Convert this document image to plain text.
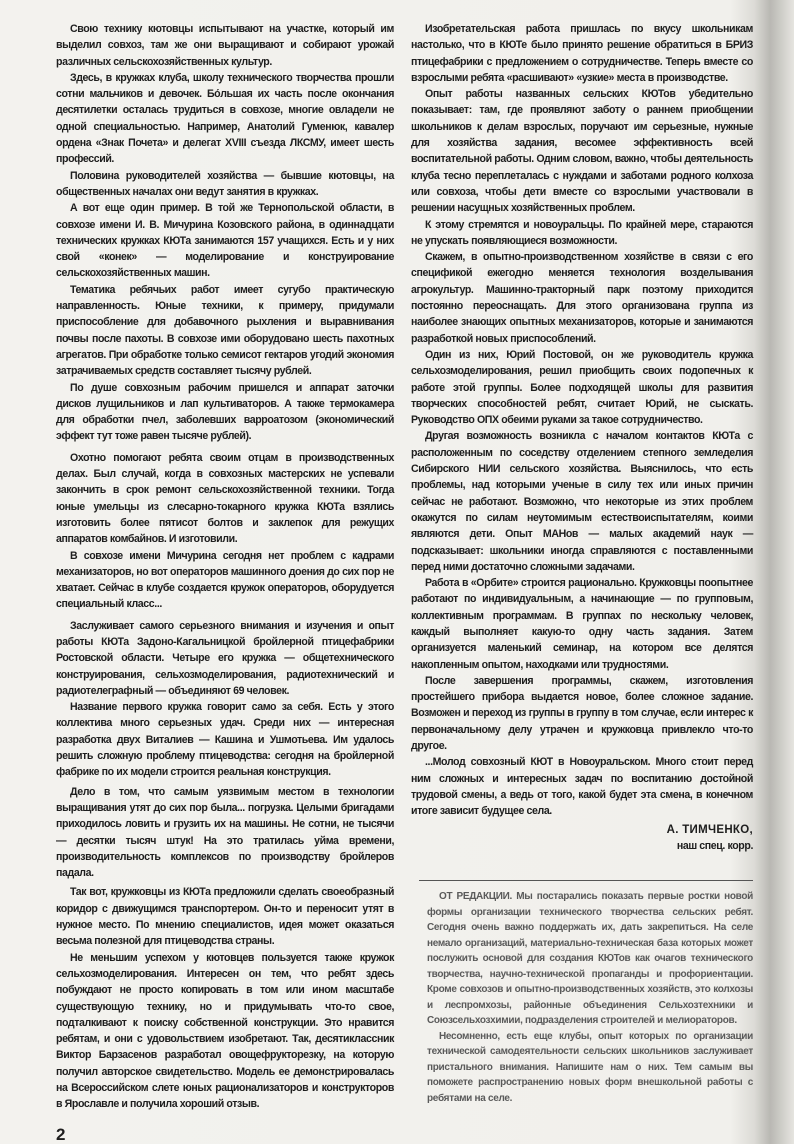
Свою технику кютовцы испытывают на участке, который им выделил совхоз, там же они выращивают и собирают урожай различных сельскохозяйственных культур.

Здесь, в кружках клуба, школу технического творчества прошли сотни мальчиков и девочек. Бо́льшая их часть после окончания десятилетки осталась трудиться в совхозе, многие овладели не одной специальностью. Например, Анатолий Гуменюк, кавалер ордена «Знак Почета» и делегат XVIII съезда ЛКСМУ, имеет шесть профессий.

Половина руководителей хозяйства — бывшие кютовцы, на общественных началах они ведут занятия в кружках.

А вот еще один пример. В той же Тернопольской области, в совхозе имени И. В. Мичурина Козовского района, в одиннадцати технических кружках КЮТа занимаются 157 учащихся. Есть и у них свой «конек» — моделирование и конструирование сельскохозяйственных машин.

Тематика ребячьих работ имеет сугубо практическую направленность. Юные техники, к примеру, придумали приспособление для добавочного рыхления и выравнивания почвы после пахоты. В совхозе ими оборудовано шесть пахотных агрегатов. При обработке только семисот гектаров угодий экономия затрачиваемых средств составляет тысячу рублей.

По душе совхозным рабочим пришелся и аппарат заточки дисков лущильников и лап культиваторов. А также термокамера для обработки пчел, заболевших варроатозом (экономический эффект тут тоже равен тысяче рублей).

Охотно помогают ребята своим отцам в производственных делах. Был случай, когда в совхозных мастерских не успевали закончить в срок ремонт сельскохозяйственной техники. Тогда юные умельцы из слесарно-токарного кружка КЮТа взялись изготовить более пятисот болтов и заклепок для режущих аппаратов комбайнов. И изготовили.

В совхозе имени Мичурина сегодня нет проблем с кадрами механизаторов, но вот операторов машинного доения до сих пор не хватает. Сейчас в клубе создается кружок операторов, оборудуется специальный класс...

Заслуживает самого серьезного внимания и изучения и опыт работы КЮТа Задоно-Кагальницкой бройлерной птицефабрики Ростовской области. Четыре его кружка — общетехнического конструирования, сельхозмоделирования, радиотехнический и радиотелеграфный — объединяют 69 человек.

Название первого кружка говорит само за себя. Есть у этого коллектива много серьезных удач. Среди них — интересная разработка двух Виталиев — Кашина и Ушмотьева. Им удалось решить сложную проблему птицеводства: сегодня на бройлерной фабрике по их модели строится реальная конструкция.

Дело в том, что самым уязвимым местом в технологии выращивания утят до сих пор была... погрузка. Целыми бригадами приходилось ловить и грузить их на машины. Не сотни, не тысячи — десятки тысяч штук! На это тратилась уйма времени, производительность комплексов по производству бройлеров падала.

Так вот, кружковцы из КЮТа предложили сделать своеобразный коридор с движущимся транспортером. Он-то и переносит утят в нужное место. По мнению специалистов, идея может оказаться весьма полезной для птицеводства страны.

Не меньшим успехом у кютовцев пользуется также кружок сельхозмоделирования. Интересен он тем, что ребят здесь побуждают не просто копировать в том или ином масштабе существующую технику, но и придумывать что-то свое, подталкивают к поиску собственной конструкции. Это нравится ребятам, и они с удовольствием изобретают. Так, десятиклассник Виктор Барзасенов разработал овощефрукторезку, на которую получил авторское свидетельство. Модель ее демонстрировалась на Всероссийском слете юных рационализаторов и конструкторов в Ярославле и получила хороший отзыв.

2

Изобретательская работа пришлась по вкусу школьникам настолько, что в КЮТе было принято решение обратиться в БРИЗ птицефабрики с предложением о сотрудничестве. Теперь вместе со взрослыми ребята «расшивают» «узкие» места в производстве.

Опыт работы названных сельских КЮТов убедительно показывает: там, где проявляют заботу о раннем приобщении школьников к делам взрослых, поручают им серьезные, нужные для хозяйства задания, весомее эффективность всей воспитательной работы. Одним словом, важно, чтобы деятельность клуба тесно переплеталась с нуждами и заботами родного колхоза или совхоза, чтобы дети вместе со взрослыми участвовали в решении насущных хозяйственных проблем.

К этому стремятся и новоуральцы. По крайней мере, стараются не упускать появляющиеся возможности.

Скажем, в опытно-производственном хозяйстве в связи с его спецификой ежегодно меняется технология возделывания агрокультур. Машинно-тракторный парк поэтому приходится постоянно переоснащать. Для этого организована группа из наиболее знающих опытных механизаторов, которые и занимаются разработкой новых приспособлений.

Один из них, Юрий Постовой, он же руководитель кружка сельхозмоделирования, решил приобщить своих подопечных к работе этой группы. Более подходящей школы для развития творческих способностей ребят, считает Юрий, не сыскать. Руководство ОПХ обеими руками за такое сотрудничество.

Другая возможность возникла с началом контактов КЮТа с расположенным по соседству отделением степного земледелия Сибирского НИИ сельского хозяйства. Выяснилось, что есть проблемы, над которыми ученые в силу тех или иных причин сейчас не работают. Возможно, что некоторые из этих проблем окажутся по силам неутомимым естествоиспытателям, коими являются дети. Опыт МАНов — малых академий наук — подсказывает: школьники иногда справляются с поставленными перед ними достаточно сложными задачами.

Работа в «Орбите» строится рационально. Кружковцы поопытнее работают по индивидуальным, а начинающие — по групповым, коллективным программам. В группах по нескольку человек, каждый выполняет какую-то одну часть задания. Затем организуется маленький семинар, на котором все делятся накопленным опытом, находками или трудностями.

После завершения программы, скажем, изготовления простейшего прибора выдается новое, более сложное задание. Возможен и переход из группы в группу в том случае, если интерес к первоначальному делу утрачен и кружковца привлекло что-то другое.

...Молод совхозный КЮТ в Новоуральском. Много стоит перед ним сложных и интересных задач по воспитанию достойной трудовой смены, а ведь от того, какой будет эта смена, в конечном итоге зависит будущее села.

А. ТИМЧЕНКО,
наш спец. корр.

ОТ РЕДАКЦИИ. Мы постарались показать первые ростки новой формы организации технического творчества сельских ребят. Сегодня очень важно поддержать их, дать закрепиться. На селе немало организаций, материально-техническая база которых может послужить основой для создания КЮТов как очагов технического творчества, научно-технической пропаганды и профориентации. Кроме совхозов и опытно-производственных хозяйств, это колхозы и леспромхозы, районные объединения Сельхозтехники и Союзсельхозхимии, подразделения строителей и мелиораторов.

Несомненно, есть еще клубы, опыт которых по организации технической самодеятельности сельских школьников заслуживает пристального внимания. Напишите нам о них. Тем самым вы поможете распространению новых форм внешкольной работы с ребятами на селе.
